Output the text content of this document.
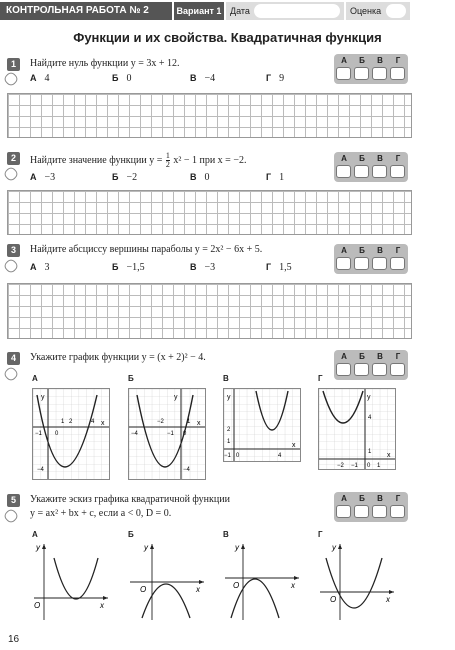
КОНТРОЛЬНАЯ РАБОТА № 2	Вариант 1 Дата	Оценка
Функции и их свойства. Квадратичная функция
А	Б	В	Г
А	Б	В	Г
А	Б	В	Г
А	Б	В	Г
А	Б	В	Г
1	Найдите нуль функции y = 3x + 12.
А 4	Б 0	В −4	Г 9
2	Найдите значение функции $y = \frac{1}{2} x^2 - 1$ при x = −2.
А −3	Б −2	В 0	Г 1
3	Найдите абсциссу вершины параболы y = 2x² − 6x + 5.
А 3	Б −1,5	В −3	Г 1,5
4	Укажите график функции y = (x + 2)² − 4.
А	Б	В	Г
y
x
−1 0
1 2	4
−4
y
x
−4
−2
−1 0
1
−4
y
x
4
2
1
−1 0
y
x
4
1
−2 −1 0 1
5	Укажите эскиз графика квадратичной функции
y = ax² + bx + c, если a < 0, D = 0.
А	Б	В	Г
y
x
O
y
x
O
y
x
O
y
x
O
16
